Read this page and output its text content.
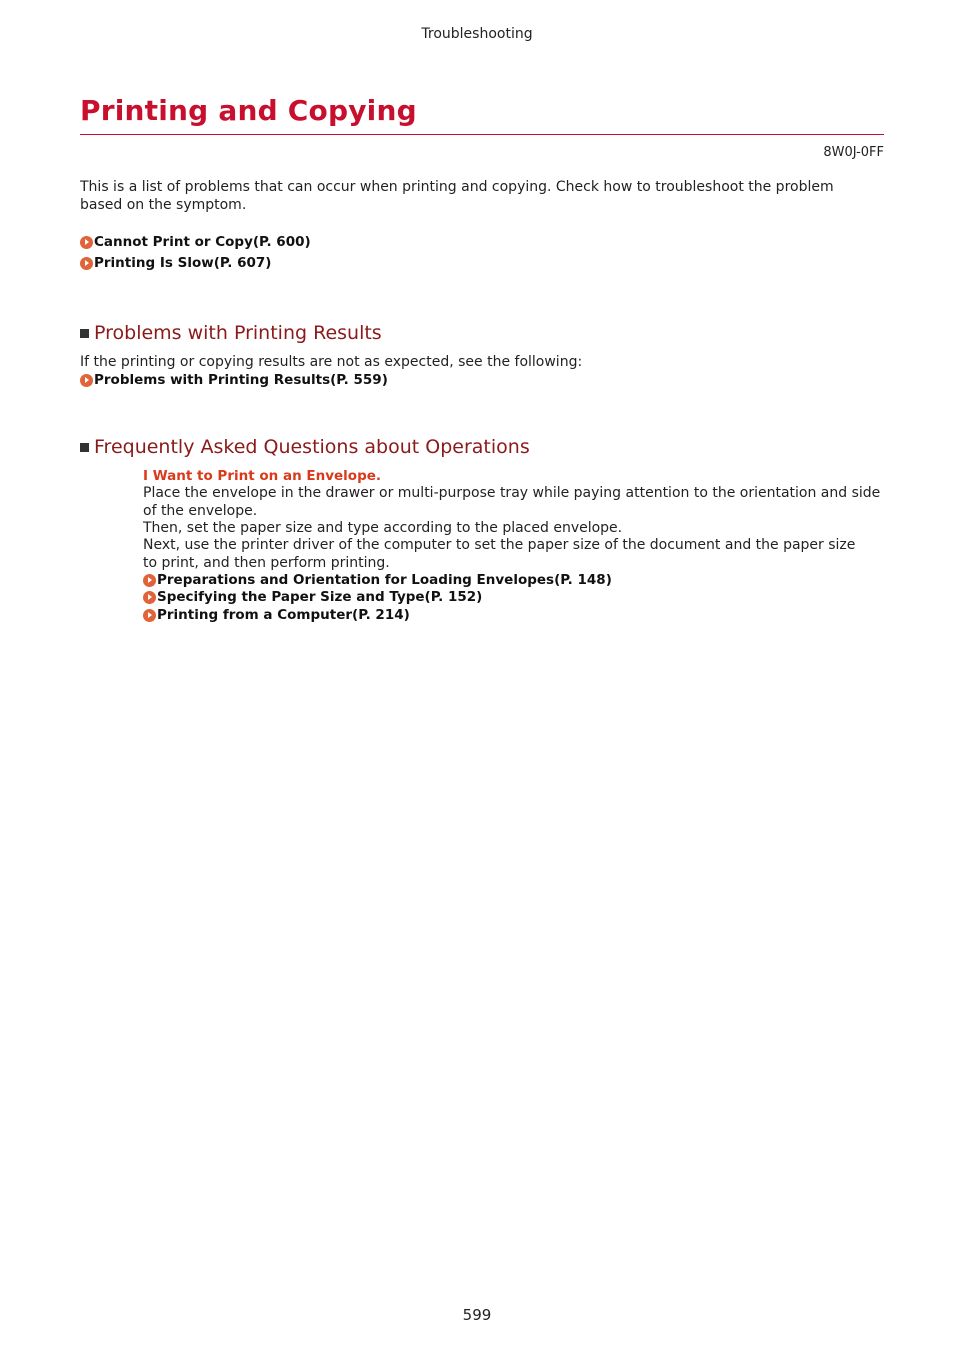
Troubleshooting
Printing and Copying
8W0J-0FF

This is a list of problems that can occur when printing and copying. Check how to troubleshoot the problem based on the symptom.

Cannot Print or Copy(P. 600)
Printing Is Slow(P. 607)
Problems with Printing Results

If the printing or copying results are not as expected, see the following:

Problems with Printing Results(P. 559)
Frequently Asked Questions about Operations
I Want to Print on an Envelope.

Place the envelope in the drawer or multi-purpose tray while paying attention to the orientation and side of the envelope.

Then, set the paper size and type according to the placed envelope.

Next, use the printer driver of the computer to set the paper size of the document and the paper size to print, and then perform printing.

Preparations and Orientation for Loading Envelopes(P. 148)
Specifying the Paper Size and Type(P. 152)
Printing from a Computer(P. 214)
599
